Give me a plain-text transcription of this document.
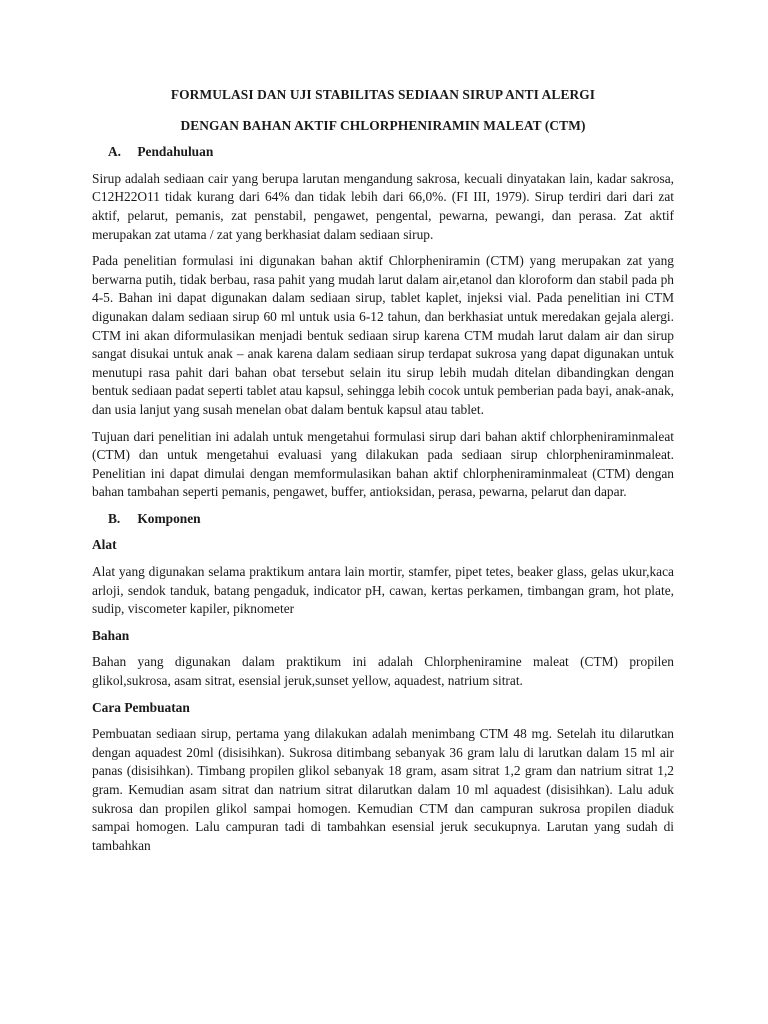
FORMULASI DAN UJI STABILITAS SEDIAAN SIRUP ANTI ALERGI
DENGAN BAHAN AKTIF CHLORPHENIRAMIN MALEAT (CTM)
A. Pendahuluan

Sirup adalah sediaan cair yang berupa larutan mengandung sakrosa, kecuali dinyatakan lain, kadar sakrosa, C12H22O11 tidak kurang dari 64% dan tidak lebih dari 66,0%. (FI III, 1979). Sirup terdiri dari dari zat aktif, pelarut, pemanis, zat penstabil, pengawet, pengental, pewarna, pewangi, dan perasa. Zat aktif merupakan zat utama / zat yang berkhasiat dalam sediaan sirup.

Pada penelitian formulasi ini digunakan bahan aktif Chlorpheniramin (CTM) yang merupakan zat yang berwarna putih, tidak berbau, rasa pahit yang mudah larut dalam air,etanol dan kloroform dan stabil pada ph 4-5. Bahan ini dapat digunakan dalam sediaan sirup, tablet kaplet, injeksi vial. Pada penelitian ini CTM digunakan dalam sediaan sirup 60 ml untuk usia 6-12 tahun, dan berkhasiat untuk meredakan gejala alergi. CTM ini akan diformulasikan menjadi bentuk sediaan sirup karena CTM mudah larut dalam air dan sirup sangat disukai untuk anak – anak karena dalam sediaan sirup terdapat sukrosa yang dapat digunakan untuk menutupi rasa pahit dari bahan obat tersebut selain itu sirup lebih mudah ditelan dibandingkan dengan bentuk sediaan padat seperti tablet atau kapsul, sehingga lebih cocok untuk pemberian pada bayi, anak-anak, dan usia lanjut yang susah menelan obat dalam bentuk kapsul atau tablet.

Tujuan dari penelitian ini adalah untuk mengetahui formulasi sirup dari bahan aktif chlorpheniraminmaleat (CTM) dan untuk mengetahui evaluasi yang dilakukan pada sediaan sirup chlorpheniraminmaleat. Penelitian ini dapat dimulai dengan memformulasikan bahan aktif chlorpheniraminmaleat (CTM) dengan bahan tambahan seperti pemanis, pengawet, buffer, antioksidan, perasa, pewarna, pelarut dan dapar.

B. Komponen
Alat

Alat yang digunakan selama praktikum antara lain mortir, stamfer, pipet tetes, beaker glass, gelas ukur,kaca arloji, sendok tanduk, batang pengaduk, indicator pH, cawan, kertas perkamen, timbangan gram, hot plate, sudip, viscometer kapiler, piknometer

Bahan

Bahan yang digunakan dalam praktikum ini adalah Chlorpheniramine maleat (CTM) propilen glikol,sukrosa, asam sitrat, esensial jeruk,sunset yellow, aquadest, natrium sitrat.

Cara Pembuatan

Pembuatan sediaan sirup, pertama yang dilakukan adalah menimbang CTM 48 mg. Setelah itu dilarutkan dengan aquadest 20ml (disisihkan). Sukrosa ditimbang sebanyak 36 gram lalu di larutkan dalam 15 ml air panas (disisihkan). Timbang propilen glikol sebanyak 18 gram, asam sitrat 1,2 gram dan natrium sitrat 1,2 gram. Kemudian asam sitrat dan natrium sitrat dilarutkan dalam 10 ml aquadest (disisihkan). Lalu aduk sukrosa dan propilen glikol sampai homogen. Kemudian CTM dan campuran sukrosa propilen diaduk sampai homogen. Lalu campuran tadi di tambahkan esensial jeruk secukupnya. Larutan yang sudah di tambahkan
